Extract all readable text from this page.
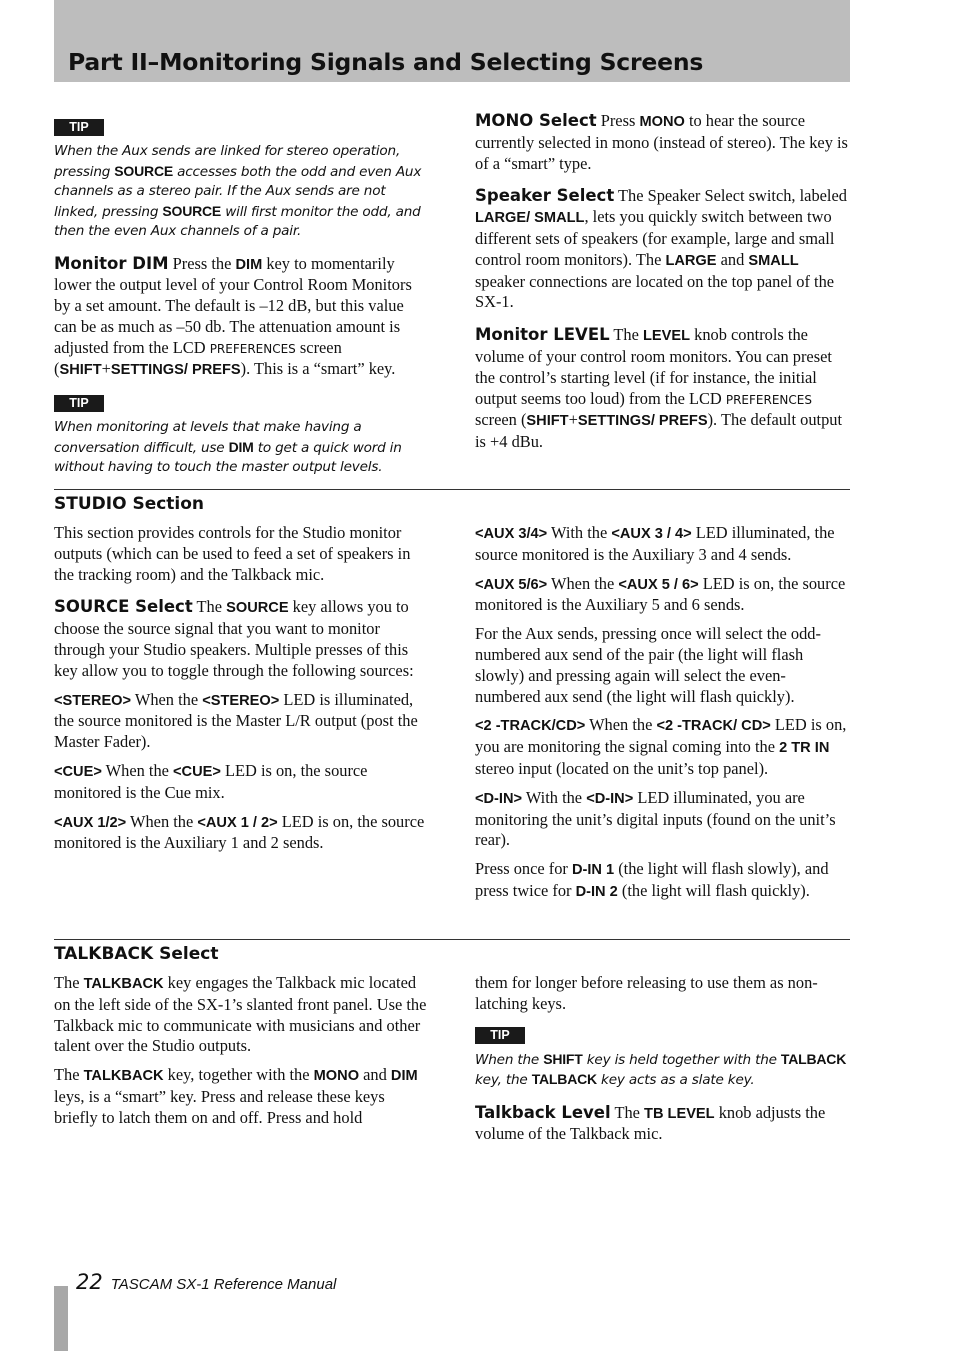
Part II–Monitoring Signals and Selecting Screens
TIP

When the Aux sends are linked for stereo operation, pressing SOURCE accesses both the odd and even Aux channels as a stereo pair. If the Aux sends are not linked, pressing SOURCE will first monitor the odd, and then the even Aux channels of a pair.

Monitor DIM Press the DIM key to momentarily lower the output level of your Control Room Monitors by a set amount. The default is –12 dB, but this value can be as much as –50 db. The attenuation amount is adjusted from the LCD PREFERENCES screen (SHIFT+SETTINGS/ PREFS). This is a “smart” key.

TIP

When monitoring at levels that make having a conversation difficult, use DIM to get a quick word in without having to touch the master output levels.

MONO Select Press MONO to hear the source currently selected in mono (instead of stereo). The key is of a “smart” type.

Speaker Select The Speaker Select switch, labeled LARGE/ SMALL, lets you quickly switch between two different sets of speakers (for example, large and small control room monitors). The LARGE and SMALL speaker connections are located on the top panel of the SX-1.

Monitor LEVEL The LEVEL knob controls the volume of your control room monitors. You can preset the control’s starting level (if for instance, the initial output seems too loud) from the LCD PREFERENCES screen (SHIFT+SETTINGS/ PREFS). The default output is +4 dBu.

STUDIO Section

This section provides controls for the Studio monitor outputs (which can be used to feed a set of speakers in the tracking room) and the Talkback mic.

SOURCE Select The SOURCE key allows you to choose the source signal that you want to monitor through your Studio speakers. Multiple presses of this key allow you to toggle through the following sources:

<STEREO> When the <STEREO> LED is illuminated, the source monitored is the Master L/R output (post the Master Fader).

<CUE> When the <CUE> LED is on, the source monitored is the Cue mix.

<AUX 1/2> When the <AUX 1 / 2> LED is on, the source monitored is the Auxiliary 1 and 2 sends.

<AUX 3/4> With the <AUX 3 / 4> LED illuminated, the source monitored is the Auxiliary 3 and 4 sends.

<AUX 5/6> When the <AUX 5 / 6> LED is on, the source monitored is the Auxiliary 5 and 6 sends.

For the Aux sends, pressing once will select the odd-numbered aux send of the pair (the light will flash slowly) and pressing again will select the even-numbered aux send (the light will flash quickly).

<2 -TRACK/CD> When the <2 -TRACK/ CD> LED is on, you are monitoring the signal coming into the 2 TR IN stereo input (located on the unit’s top panel).

<D-IN> With the <D-IN> LED illuminated, you are monitoring the unit’s digital inputs (found on the unit’s rear).

Press once for D-IN 1 (the light will flash slowly), and press twice for D-IN 2 (the light will flash quickly).

TALKBACK Select

The TALKBACK key engages the Talkback mic located on the left side of the SX-1’s slanted front panel. Use the Talkback mic to communicate with musicians and other talent over the Studio outputs.

The TALKBACK key, together with the MONO and DIM leys, is a “smart” key. Press and release these keys briefly to latch them on and off. Press and hold

them for longer before releasing to use them as non-latching keys.

TIP

When the SHIFT key is held together with the TALBACK key, the TALBACK key acts as a slate key.

Talkback Level The TB LEVEL knob adjusts the volume of the Talkback mic.

22 TASCAM SX-1 Reference Manual
